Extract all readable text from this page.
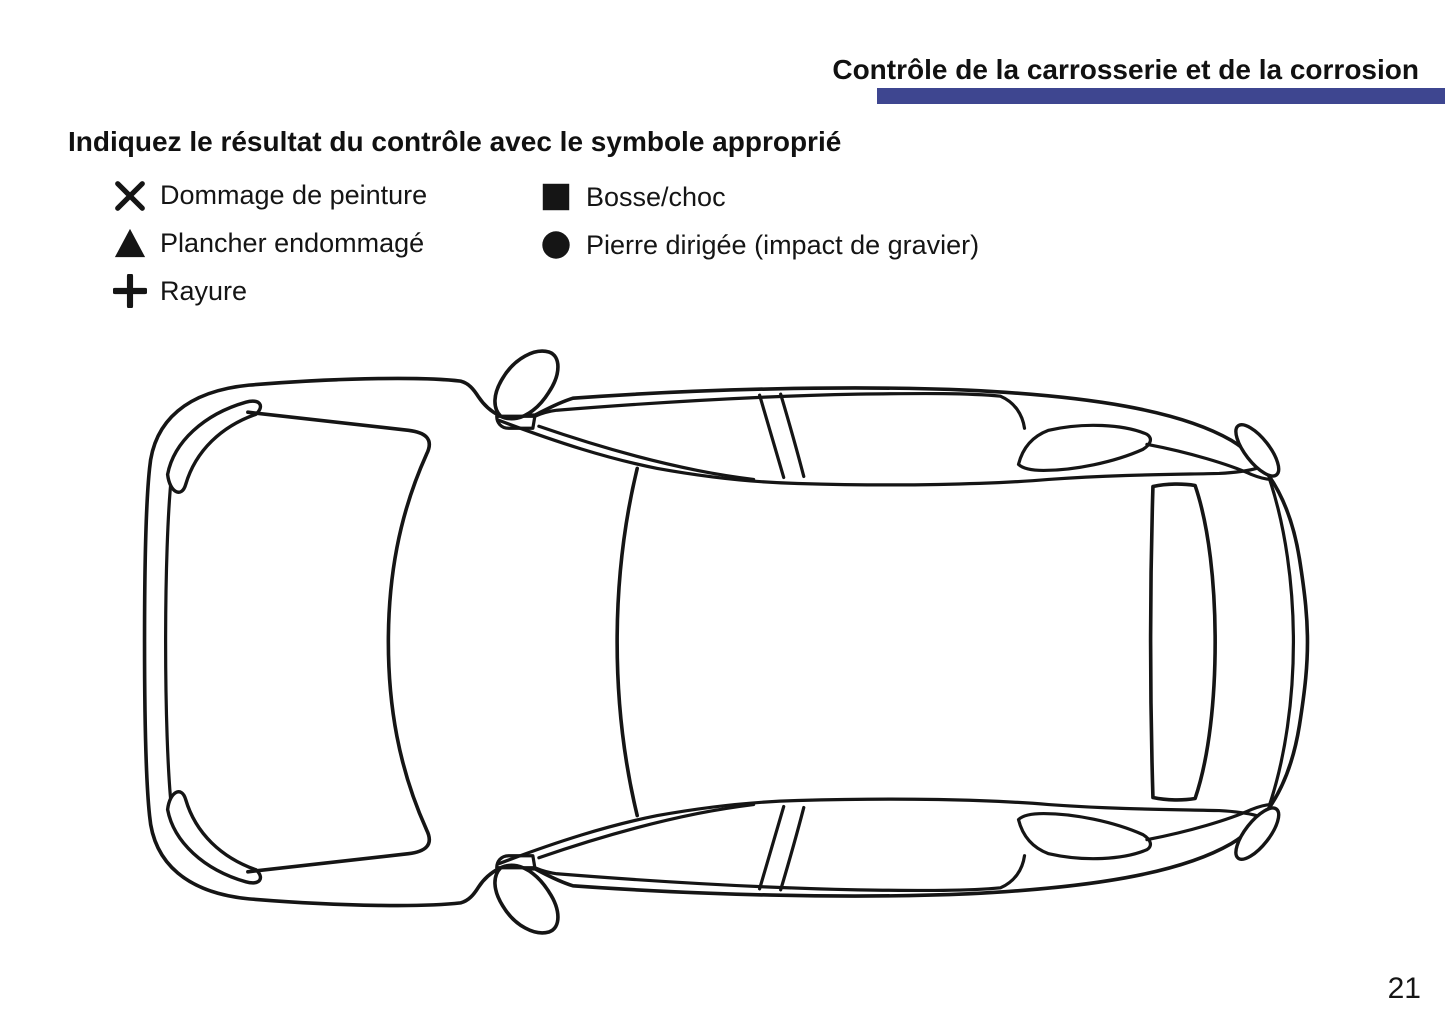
Contrôle de la carrosserie et de la corrosion
Indiquez le résultat du contrôle avec le symbole approprié
Dommage de peinture
Plancher endommagé
Rayure
Bosse/choc
Pierre dirigée (impact de gravier)
21
